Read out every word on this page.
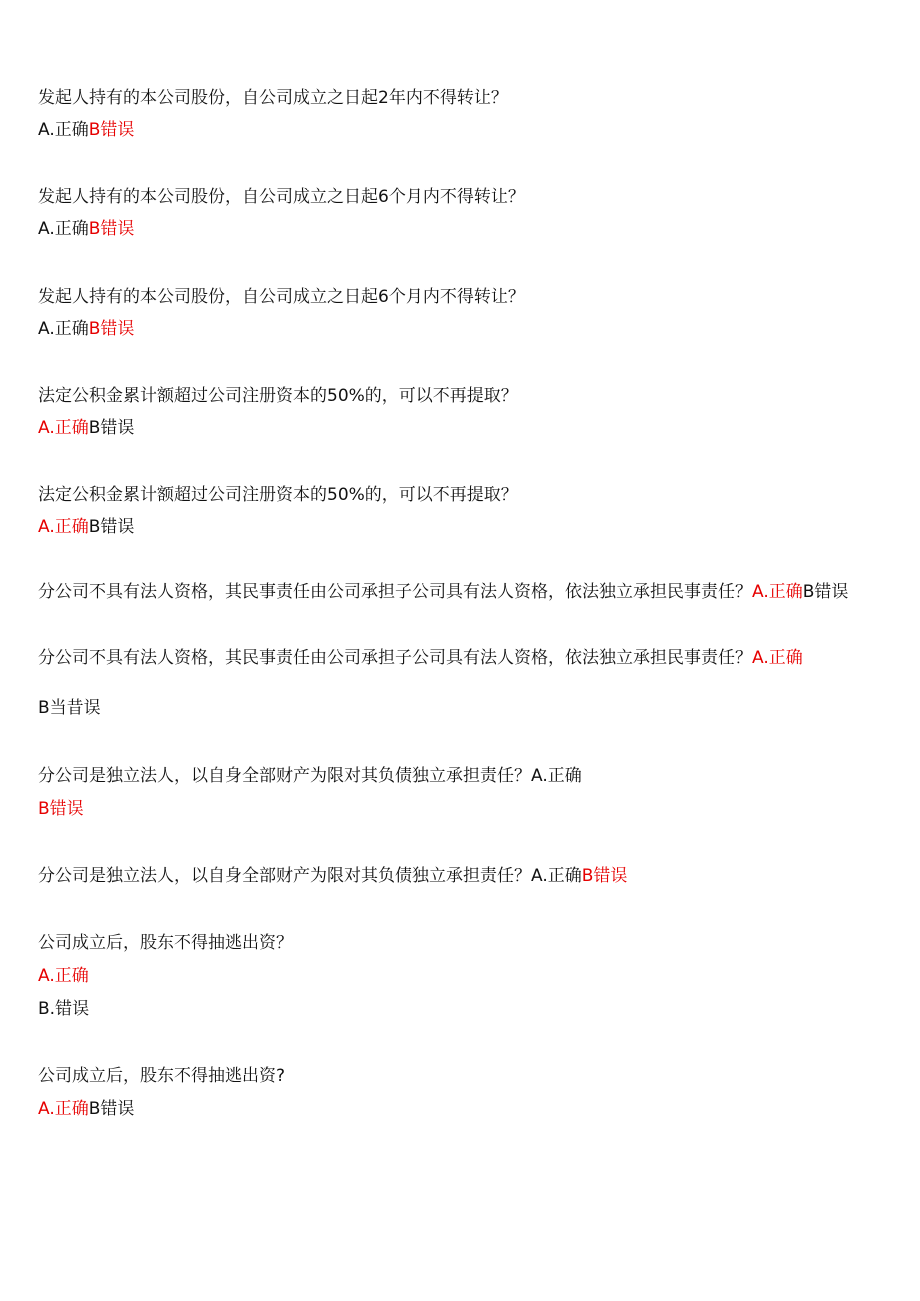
发起人持有的本公司股份，自公司成立之日起2年内不得转让？
A.正确B错误
发起人持有的本公司股份，自公司成立之日起6个月内不得转让？
A.正确B错误
发起人持有的本公司股份，自公司成立之日起6个月内不得转让？
A.正确B错误
法定公积金累计额超过公司注册资本的50%的，可以不再提取？
A.正确B错误
法定公积金累计额超过公司注册资本的50%的，可以不再提取？
A.正确B错误
分公司不具有法人资格，其民事责任由公司承担子公司具有法人资格，依法独立承担民事责任？A.正确B错误
分公司不具有法人资格，其民事责任由公司承担子公司具有法人资格，依法独立承担民事责任？A.正确
B当昔误
分公司是独立法人，以自身全部财产为限对其负债独立承担责任？A.正确
B错误
分公司是独立法人，以自身全部财产为限对其负债独立承担责任？A.正确B错误
公司成立后，股东不得抽逃出资？
A.正确
B.错误
公司成立后，股东不得抽逃出资?
A.正确B错误
